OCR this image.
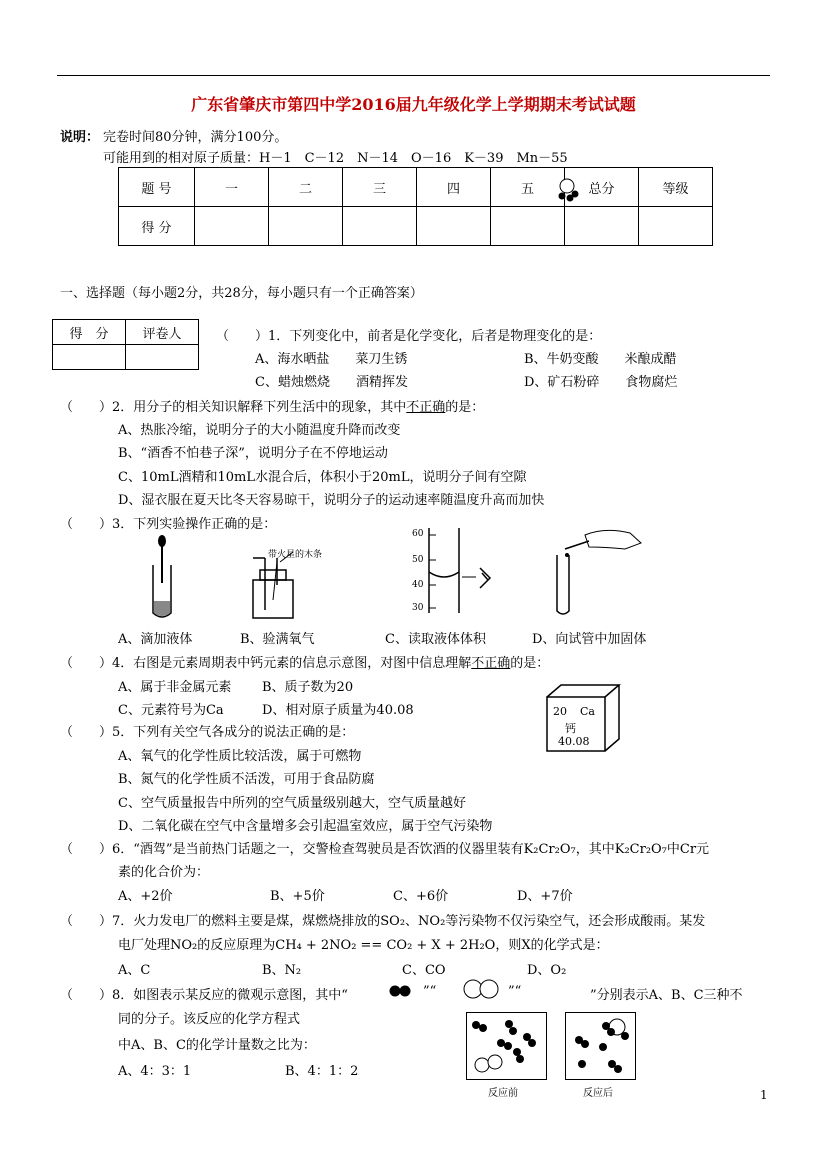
广东省肇庆市第四中学2016届九年级化学上学期期末考试试题
说明： 完卷时间80分钟，满分100分。
可能用到的相对原子质量：H－1　C－12　N－14　O－16　K－39　Mn－55
题 号	一	二	三	四	五	总分	等级
得 分							
一、选择题（每小题2分，共28分，每小题只有一个正确答案）
得　分	评卷人
		（　　）1．下列变化中，前者是化学变化，后者是物理变化的是：
A、海水晒盐　　菜刀生锈	B、牛奶变酸　　米酿成醋
C、蜡烛燃烧　　酒精挥发	D、矿石粉碎　　食物腐烂
（　　）2．用分子的相关知识解释下列生活中的现象，其中不正确的是：
A、热胀冷缩，说明分子的大小随温度升降而改变
B、“酒香不怕巷子深”，说明分子在不停地运动
C、10mL酒精和10mL水混合后，体积小于20mL，说明分子间有空隙
D、湿衣服在夏天比冬天容易晾干，说明分子的运动速率随温度升高而加快
（　　）3．下列实验操作正确的是：
带火星的木条
60
50
40
30
A、滴加液体	B、验满氧气	C、读取液体体积	D、向试管中加固体
（　　）4．右图是元素周期表中钙元素的信息示意图，对图中信息理解不正确的是：
A、属于非金属元素 B、质子数为20
C、元素符号为Ca	D、相对原子质量为40.08	20 Ca
钙
40.08
（　　）5．下列有关空气各成分的说法正确的是：
A、氧气的化学性质比较活泼，属于可燃物
B、氮气的化学性质不活泼，可用于食品防腐
C、空气质量报告中所列的空气质量级别越大，空气质量越好
D、二氧化碳在空气中含量增多会引起温室效应，属于空气污染物
（　　）6．“酒驾”是当前热门话题之一，交警检查驾驶员是否饮酒的仪器里装有K₂Cr₂O₇，其中K₂Cr₂O₇中Cr元
素的化合价为：
A、+2价	B、+5价	C、+6价	D、+7价
（　　）7．火力发电厂的燃料主要是煤，煤燃烧排放的SO₂、NO₂等污染物不仅污染空气，还会形成酸雨。某发
电厂处理NO₂的反应原理为CH₄ + 2NO₂ == CO₂ + X + 2H₂O，则X的化学式是：
A、C	B、N₂	C、CO	D、O₂
（　　）8．如图表示某反应的微观示意图，其中“	”“	”“	”分别表示A、B、C三种不
同的分子。该反应的化学方程式
中A、B、C的化学计量数之比为：
A、4：3：1	B、4：1：2
反应前	反应后	1
